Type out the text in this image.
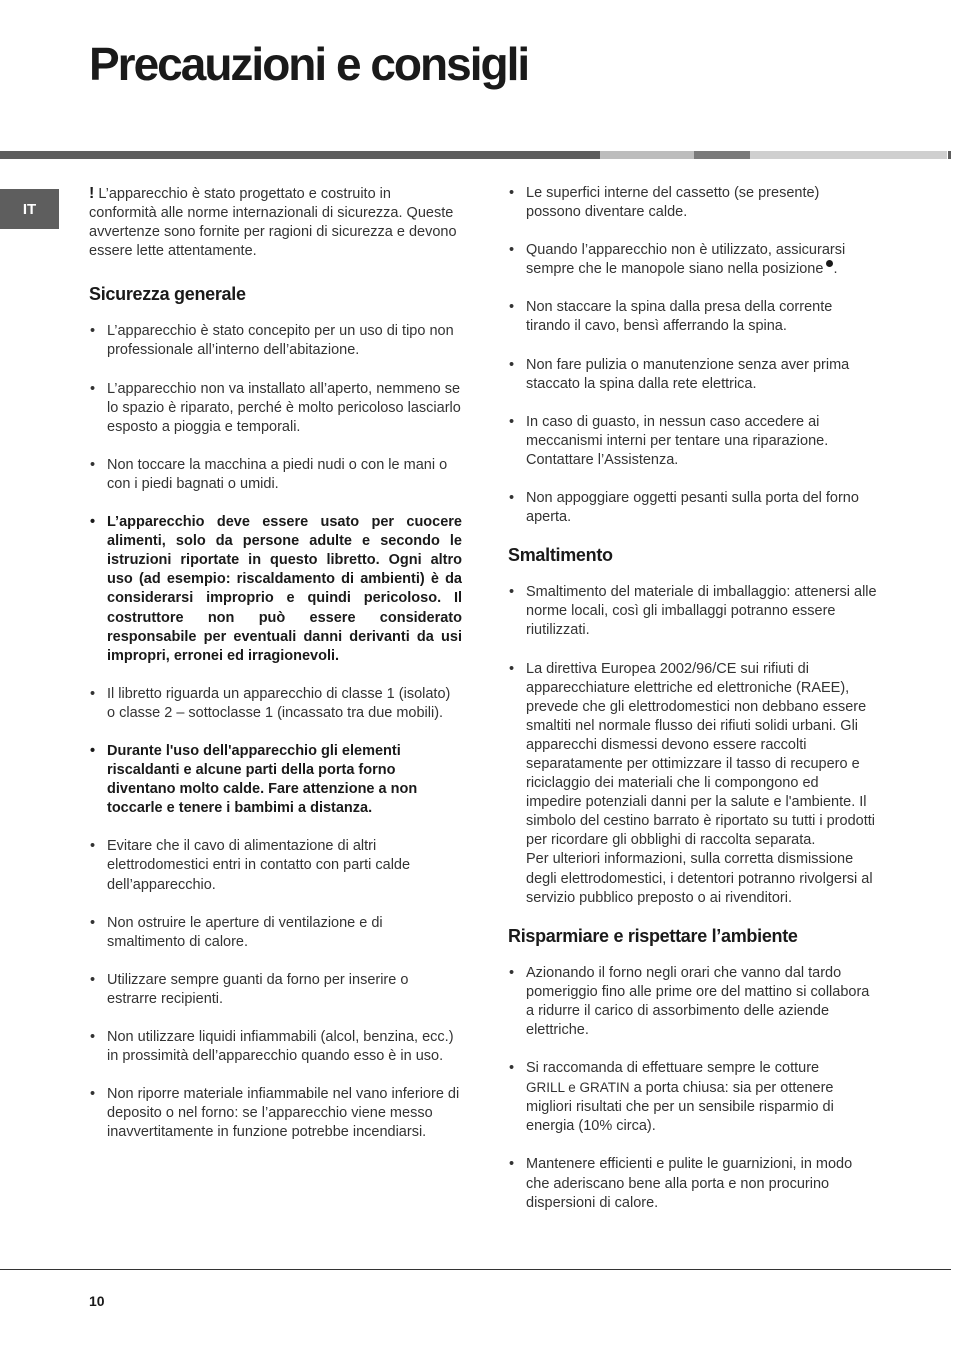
Precauzioni e consigli
IT

! L’apparecchio è stato progettato e costruito in conformità alle norme internazionali di sicurezza. Queste avvertenze sono fornite per ragioni di sicurezza e devono essere lette attentamente.

Sicurezza generale
• L’apparecchio è stato concepito per un uso di tipo non professionale all’interno dell’abitazione.
• L’apparecchio non va installato all’aperto, nemmeno se lo spazio è riparato, perché è molto pericoloso lasciarlo esposto a pioggia e temporali.
• Non toccare la macchina a piedi nudi o con le mani o con i piedi bagnati o umidi.
• L’apparecchio deve essere usato per cuocere alimenti, solo da persone adulte e secondo le istruzioni riportate in questo libretto. Ogni altro uso (ad esempio: riscaldamento di ambienti) è da considerarsi improprio e quindi pericoloso. Il costruttore non può essere considerato responsabile per eventuali danni derivanti da usi impropri, erronei ed irragionevoli.
• Il libretto riguarda un apparecchio di classe 1 (isolato) o classe 2 – sottoclasse 1 (incassato tra due mobili).
• Durante l'uso dell'apparecchio gli elementi riscaldanti e alcune parti della porta forno diventano molto calde. Fare attenzione a non toccarle e tenere i bambimi a distanza.
• Evitare che il cavo di alimentazione di altri elettrodomestici entri in contatto con parti calde dell’apparecchio.
• Non ostruire le aperture di ventilazione e di smaltimento di calore.
• Utilizzare sempre guanti da forno per inserire o estrarre recipienti.
• Non utilizzare liquidi infiammabili (alcol, benzina, ecc.) in prossimità dell’apparecchio quando esso è in uso.
• Non riporre materiale infiammabile nel vano inferiore di deposito o nel forno: se l’apparecchio viene messo inavvertitamente in funzione potrebbe incendiarsi.
• Le superfici interne del cassetto (se presente) possono diventare calde.
• Quando l’apparecchio non è utilizzato, assicurarsi sempre che le manopole siano nella posizione .
• Non staccare la spina dalla presa della corrente tirando il cavo, bensì afferrando la spina.
• Non fare pulizia o manutenzione senza aver prima staccato la spina dalla rete elettrica.
• In caso di guasto, in nessun caso accedere ai meccanismi interni per tentare una riparazione. Contattare l’Assistenza.
• Non appoggiare oggetti pesanti sulla porta del forno aperta.
Smaltimento
• Smaltimento del materiale di imballaggio: attenersi alle norme locali, così gli imballaggi potranno essere riutilizzati.
• La direttiva Europea 2002/96/CE sui rifiuti di apparecchiature elettriche ed elettroniche (RAEE), prevede che gli elettrodomestici non debbano essere smaltiti nel normale flusso dei rifiuti solidi urbani. Gli apparecchi dismessi devono essere raccolti separatamente per ottimizzare il tasso di recupero e riciclaggio dei materiali che li compongono ed impedire potenziali danni per la salute e l'ambiente. Il simbolo del cestino barrato è riportato su tutti i prodotti per ricordare gli obblighi di raccolta separata.
Per ulteriori informazioni, sulla corretta dismissione degli elettrodomestici, i detentori potranno rivolgersi al servizio pubblico preposto o ai rivenditori.
Risparmiare e rispettare l’ambiente
• Azionando il forno negli orari che vanno dal tardo pomeriggio fino alle prime ore del mattino si collabora a ridurre il carico di assorbimento delle aziende elettriche.
• Si raccomanda di effettuare sempre le cotture
GRILL e GRATIN a porta chiusa: sia per ottenere migliori risultati che per un sensibile risparmio di energia (10% circa).
• Mantenere efficienti e pulite le guarnizioni, in modo che aderiscano bene alla porta e non procurino dispersioni di calore.
10
